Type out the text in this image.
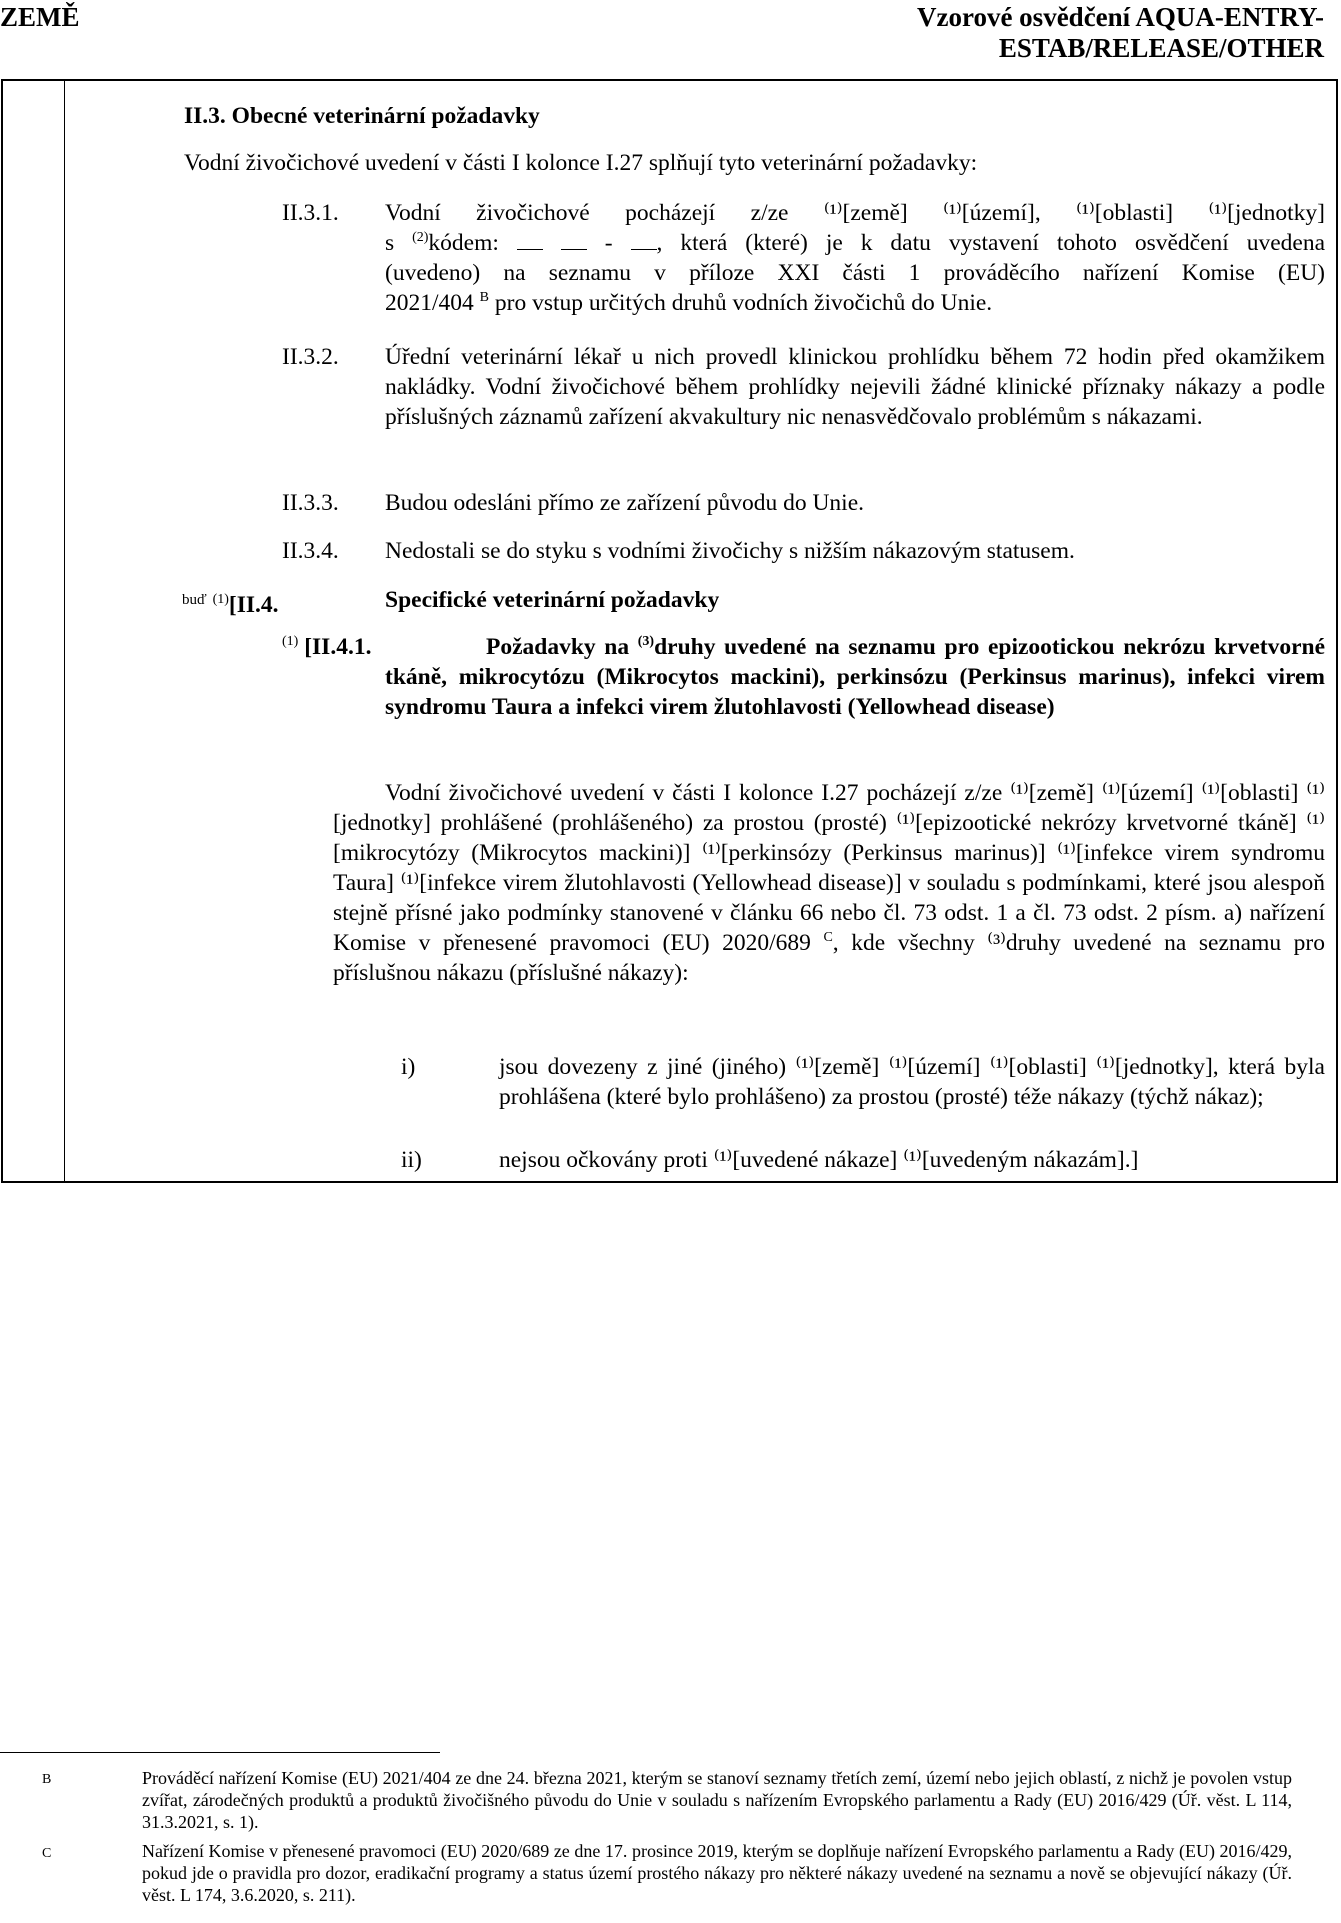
ZEMĚ	Vzorové osvědčení AQUA-ENTRY-
ESTAB/RELEASE/OTHER
II.3. Obecné veterinární požadavky
Vodní živočichové uvedení v části I kolonce I.27 splňují tyto veterinární požadavky:
II.3.1. Vodní živočichové pocházejí z/ze ⁽¹⁾[země] ⁽¹⁾[území], ⁽¹⁾[oblasti] ⁽¹⁾[jednotky]
s $^{(2)}$kódem:	- , která (které) je k datu vystavení tohoto osvědčení uvedena
(uvedeno) na seznamu v příloze XXI části 1 prováděcího nařízení Komise (EU)
2021/404 $^B$ pro vstup určitých druhů vodních živočichů do Unie.
II.3.2. Úřední veterinární lékař u nich provedl klinickou prohlídku během 72 hodin před okamžikem nakládky. Vodní živočichové během prohlídky nejevili žádné klinické příznaky nákazy a podle příslušných záznamů zařízení akvakultury nic nenasvědčovalo problémům s nákazami.
II.3.3. Budou odesláni přímo ze zařízení původu do Unie.
II.3.4. Nedostali se do styku s vodními živočichy s nižším nákazovým statusem.
$^{buď}$ $^{(1)}$[II.4.	Specifické veterinární požadavky
$^{(1)}$ [II.4.1.	Požadavky na $^{(3)}$druhy uvedené na seznamu pro epizootickou nekrózu krvetvorné tkáně, mikrocytózu (Mikrocytos mackini), perkinsózu (Perkinsus marinus), infekci virem syndromu Taura a infekci virem žlutohlavosti (Yellowhead disease)
Vodní živočichové uvedení v části I kolonce I.27 pocházejí z/ze ⁽¹⁾[země] ⁽¹⁾[území] ⁽¹⁾[oblasti] ⁽¹⁾[jednotky] prohlášené (prohlášeného) za prostou (prosté) ⁽¹⁾[epizootické nekrózy krvetvorné tkáně] ⁽¹⁾[mikrocytózy (Mikrocytos mackini)] ⁽¹⁾[perkinsózy (Perkinsus marinus)] ⁽¹⁾[infekce virem syndromu Taura] ⁽¹⁾[infekce virem žlutohlavosti (Yellowhead disease)] v souladu s podmínkami, které jsou alespoň stejně přísné jako podmínky stanovené v článku 66 nebo čl. 73 odst. 1 a čl. 73 odst. 2 písm. a) nařízení Komise v přenesené pravomoci (EU) 2020/689 $^C$, kde všechny ⁽³⁾druhy uvedené na seznamu pro příslušnou nákazu (příslušné nákazy):
i)	jsou dovezeny z jiné (jiného) ⁽¹⁾[země] ⁽¹⁾[území] ⁽¹⁾[oblasti] ⁽¹⁾[jednotky], která byla prohlášena (které bylo prohlášeno) za prostou (prosté) téže nákazy (týchž nákaz);
ii)	nejsou očkovány proti ⁽¹⁾[uvedené nákaze] ⁽¹⁾[uvedeným nákazám].]
B	Prováděcí nařízení Komise (EU) 2021/404 ze dne 24. března 2021, kterým se stanoví seznamy třetích zemí, území nebo jejich oblastí, z nichž je povolen vstup zvířat, zárodečných produktů a produktů živočišného původu do Unie v souladu s nařízením Evropského parlamentu a Rady (EU) 2016/429 (Úř. věst. L 114, 31.3.2021, s. 1).
C	Nařízení Komise v přenesené pravomoci (EU) 2020/689 ze dne 17. prosince 2019, kterým se doplňuje nařízení Evropského parlamentu a Rady (EU) 2016/429, pokud jde o pravidla pro dozor, eradikační programy a status území prostého nákazy pro některé nákazy uvedené na seznamu a nově se objevující nákazy (Úř. věst. L 174, 3.6.2020, s. 211).
